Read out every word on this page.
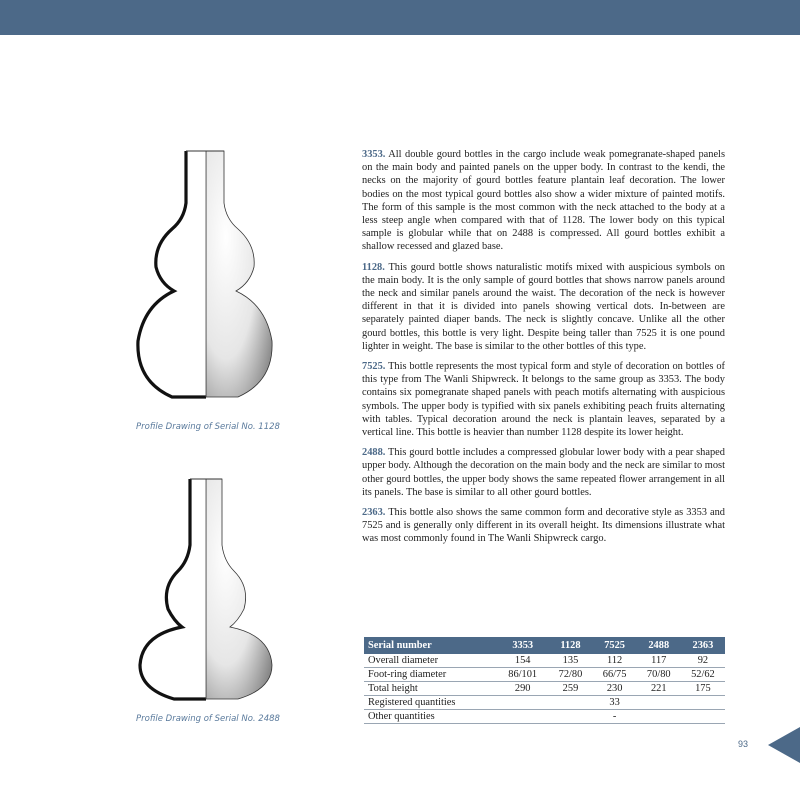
Profile Drawing of Serial No. 1128
Profile Drawing of Serial No. 2488

3353. All double gourd bottles in the cargo include weak pomegranate-shaped panels on the main body and painted panels on the upper body. In contrast to the kendi, the necks on the majority of gourd bottles feature plantain leaf decoration. The lower bodies on the most typical gourd bottles also show a wider mixture of painted motifs. The form of this sample is the most common with the neck attached to the body at a less steep angle when compared with that of 1128. The lower body on this typical sample is globular while that on 2488 is compressed. All gourd bottles exhibit a shallow recessed and glazed base.

1128. This gourd bottle shows naturalistic motifs mixed with auspicious symbols on the main body. It is the only sample of gourd bottles that shows narrow panels around the neck and similar panels around the waist. The decoration of the neck is however different in that it is divided into panels showing vertical dots. In-between are separately painted diaper bands. The neck is slightly concave. Unlike all the other gourd bottles, this bottle is very light. Despite being taller than 7525 it is one pound lighter in weight. The base is similar to the other bottles of this type.

7525. This bottle represents the most typical form and style of decoration on bottles of this type from The Wanli Shipwreck. It belongs to the same group as 3353. The body contains six pomegranate shaped panels with peach motifs alternating with auspicious symbols. The upper body is typified with six panels exhibiting peach fruits alternating with tables. Typical decoration around the neck is plantain leaves, separated by a vertical line. This bottle is heavier than number 1128 despite its lower height.

2488. This gourd bottle includes a compressed globular lower body with a pear shaped upper body. Although the decoration on the main body and the neck are similar to most other gourd bottles, the upper body shows the same repeated flower arrangement in all its panels. The base is similar to all other gourd bottles.

2363. This bottle also shows the same common form and decorative style as 3353 and 7525 and is generally only different in its overall height. Its dimensions illustrate what was most commonly found in The Wanli Shipwreck cargo.

Serial number	3353	1128	7525	2488	2363
Overall diameter	154	135	112	117	92
Foot-ring diameter	86/101	72/80	66/75	70/80	52/62
Total height	290	259	230	221	175
Registered quantities			33		
Other quantities			-		
93
